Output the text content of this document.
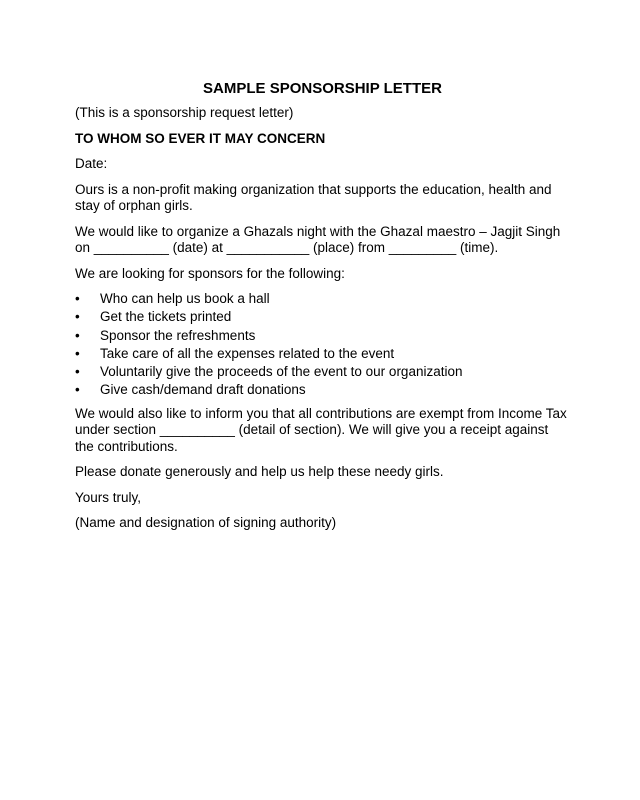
SAMPLE SPONSORSHIP LETTER

(This is a sponsorship request letter)

TO WHOM SO EVER IT MAY CONCERN

Date:

Ours is a non-profit making organization that supports the education, health and stay of orphan girls.

We would like to organize a Ghazals night with the Ghazal maestro – Jagjit Singh on __________ (date) at ___________ (place) from _________ (time).

We are looking for sponsors for the following:

• Who can help us book a hall
• Get the tickets printed
• Sponsor the refreshments
• Take care of all the expenses related to the event
• Voluntarily give the proceeds of the event to our organization
• Give cash/demand draft donations

We would also like to inform you that all contributions are exempt from Income Tax under section __________ (detail of section). We will give you a receipt against the contributions.

Please donate generously and help us help these needy girls.

Yours truly,

(Name and designation of signing authority)
